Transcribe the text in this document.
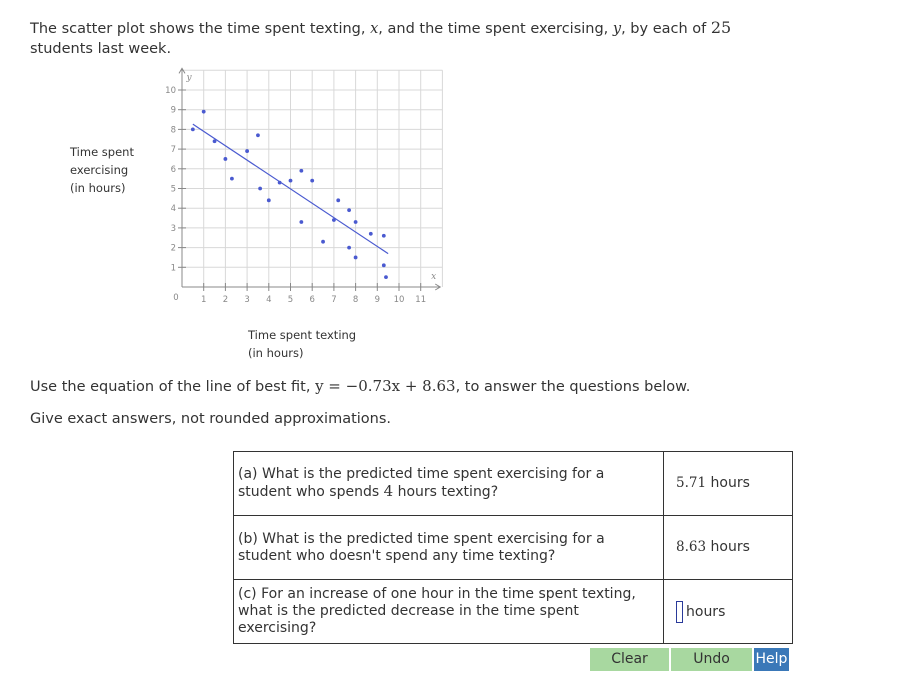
The scatter plot shows the time spent texting, x, and the time spent exercising, y, by each of 25 students last week.
Time spent
exercising
(in hours)
1 2 3 4 5 6 7 8 9 10 11
1
2
3
4
5
6
7
8
9
10
0
x
y
Time spent texting
(in hours)
Use the equation of the line of best fit, y = −0.73x + 8.63, to answer the questions below.
Give exact answers, not rounded approximations.
(a) What is the predicted time spent exercising for a student who spends 4 hours texting?	5.71 hours
(b) What is the predicted time spent exercising for a student who doesn't spend any time texting?	8.63 hours
(c) For an increase of one hour in the time spent texting, what is the predicted decrease in the time spent exercising?	hours
Clear	Undo	Help
